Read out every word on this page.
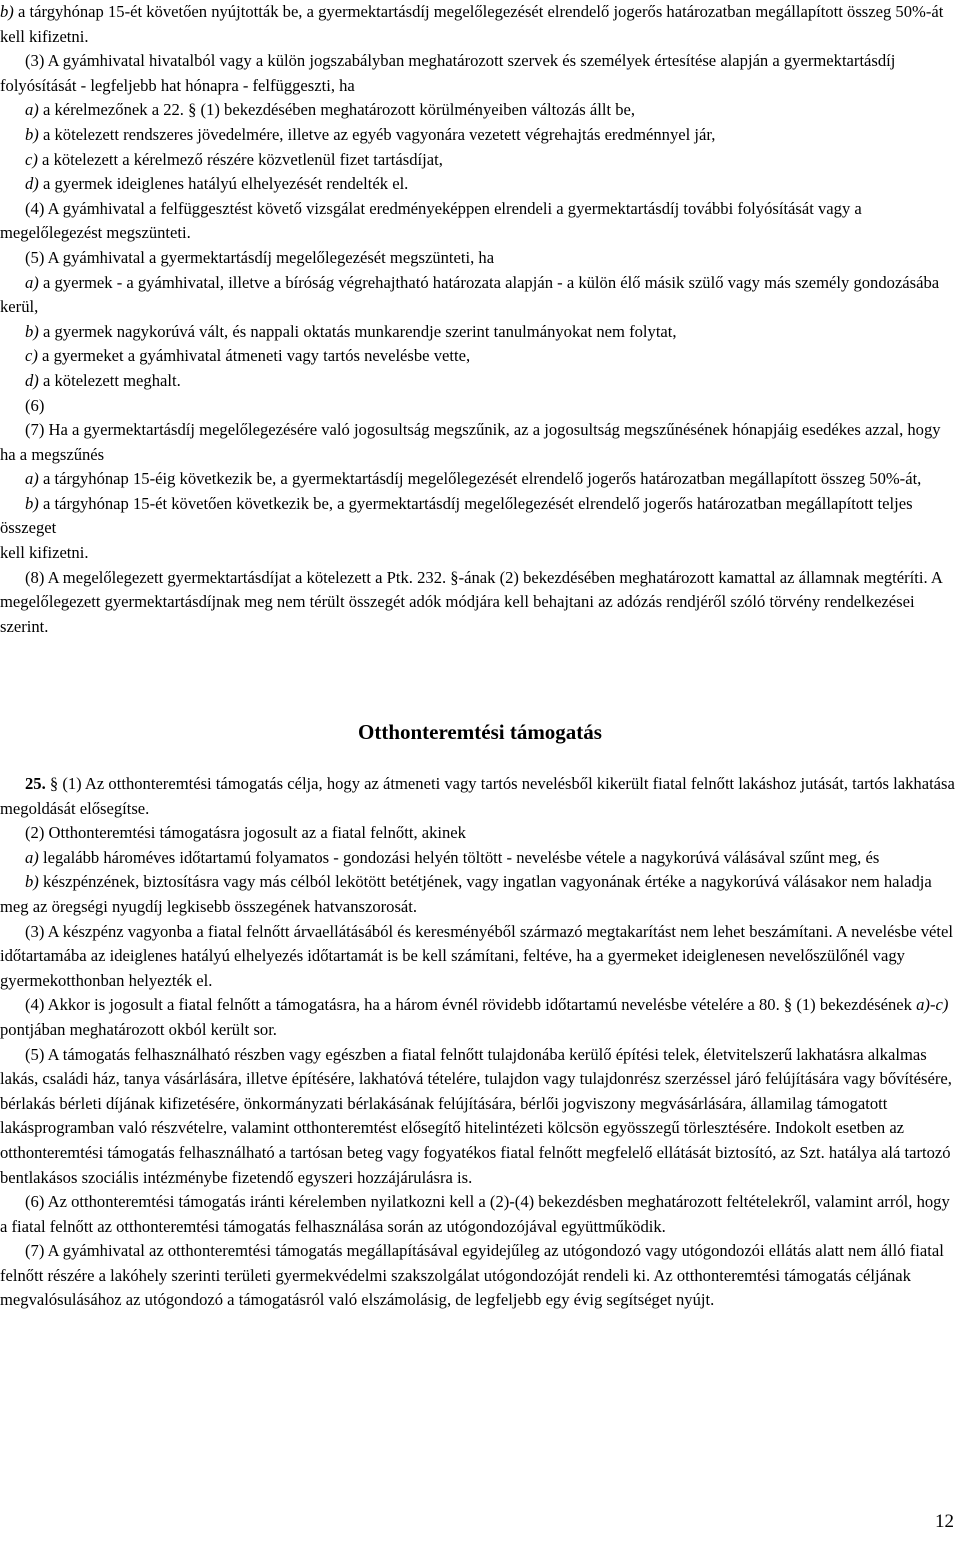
b) a tárgyhónap 15-ét követően nyújtották be, a gyermektartásdíj megelőlegezését elrendelő jogerős határozatban megállapított összeg 50%-át

kell kifizetni.

(3) A gyámhivatal hivatalból vagy a külön jogszabályban meghatározott szervek és személyek értesítése alapján a gyermektartásdíj folyósítását - legfeljebb hat hónapra - felfüggeszti, ha

a) a kérelmezőnek a 22. § (1) bekezdésében meghatározott körülményeiben változás állt be,

b) a kötelezett rendszeres jövedelmére, illetve az egyéb vagyonára vezetett végrehajtás eredménnyel jár,

c) a kötelezett a kérelmező részére közvetlenül fizet tartásdíjat,

d) a gyermek ideiglenes hatályú elhelyezését rendelték el.

(4) A gyámhivatal a felfüggesztést követő vizsgálat eredményeképpen elrendeli a gyermektartásdíj további folyósítását vagy a megelőlegezést megszünteti.

(5) A gyámhivatal a gyermektartásdíj megelőlegezését megszünteti, ha

a) a gyermek - a gyámhivatal, illetve a bíróság végrehajtható határozata alapján - a külön élő másik szülő vagy más személy gondozásába kerül,

b) a gyermek nagykorúvá vált, és nappali oktatás munkarendje szerint tanulmányokat nem folytat,

c) a gyermeket a gyámhivatal átmeneti vagy tartós nevelésbe vette,

d) a kötelezett meghalt.

(6)

(7) Ha a gyermektartásdíj megelőlegezésére való jogosultság megszűnik, az a jogosultság megszűnésének hónapjáig esedékes azzal, hogy ha a megszűnés

a) a tárgyhónap 15-éig következik be, a gyermektartásdíj megelőlegezését elrendelő jogerős határozatban megállapított összeg 50%-át,

b) a tárgyhónap 15-ét követően következik be, a gyermektartásdíj megelőlegezését elrendelő jogerős határozatban megállapított teljes összeget

kell kifizetni.

(8) A megelőlegezett gyermektartásdíjat a kötelezett a Ptk. 232. §-ának (2) bekezdésében meghatározott kamattal az államnak megtéríti. A megelőlegezett gyermektartásdíjnak meg nem térült összegét adók módjára kell behajtani az adózás rendjéről szóló törvény rendelkezései szerint.

Otthonteremtési támogatás

25. § (1) Az otthonteremtési támogatás célja, hogy az átmeneti vagy tartós nevelésből kikerült fiatal felnőtt lakáshoz jutását, tartós lakhatása megoldását elősegítse.

(2) Otthonteremtési támogatásra jogosult az a fiatal felnőtt, akinek

a) legalább hároméves időtartamú folyamatos - gondozási helyén töltött - nevelésbe vétele a nagykorúvá válásával szűnt meg, és

b) készpénzének, biztosításra vagy más célból lekötött betétjének, vagy ingatlan vagyonának értéke a nagykorúvá válásakor nem haladja meg az öregségi nyugdíj legkisebb összegének hatvanszorosát.

(3) A készpénz vagyonba a fiatal felnőtt árvaellátásából és keresményéből származó megtakarítást nem lehet beszámítani. A nevelésbe vétel időtartamába az ideiglenes hatályú elhelyezés időtartamát is be kell számítani, feltéve, ha a gyermeket ideiglenesen nevelőszülőnél vagy gyermekotthonban helyezték el.

(4) Akkor is jogosult a fiatal felnőtt a támogatásra, ha a három évnél rövidebb időtartamú nevelésbe vételére a 80. § (1) bekezdésének a)-c) pontjában meghatározott okból került sor.

(5) A támogatás felhasználható részben vagy egészben a fiatal felnőtt tulajdonába kerülő építési telek, életvitelszerű lakhatásra alkalmas lakás, családi ház, tanya vásárlására, illetve építésére, lakhatóvá tételére, tulajdon vagy tulajdonrész szerzéssel járó felújítására vagy bővítésére, bérlakás bérleti díjának kifizetésére, önkormányzati bérlakásának felújítására, bérlői jogviszony megvásárlására, államilag támogatott lakásprogramban való részvételre, valamint otthonteremtést elősegítő hitelintézeti kölcsön egyösszegű törlesztésére. Indokolt esetben az otthonteremtési támogatás felhasználható a tartósan beteg vagy fogyatékos fiatal felnőtt megfelelő ellátását biztosító, az Szt. hatálya alá tartozó bentlakásos szociális intézménybe fizetendő egyszeri hozzájárulásra is.

(6) Az otthonteremtési támogatás iránti kérelemben nyilatkozni kell a (2)-(4) bekezdésben meghatározott feltételekről, valamint arról, hogy a fiatal felnőtt az otthonteremtési támogatás felhasználása során az utógondozójával együttműködik.

(7) A gyámhivatal az otthonteremtési támogatás megállapításával egyidejűleg az utógondozó vagy utógondozói ellátás alatt nem álló fiatal felnőtt részére a lakóhely szerinti területi gyermekvédelmi szakszolgálat utógondozóját rendeli ki. Az otthonteremtési támogatás céljának megvalósulásához az utógondozó a támogatásról való elszámolásig, de legfeljebb egy évig segítséget nyújt.

12
